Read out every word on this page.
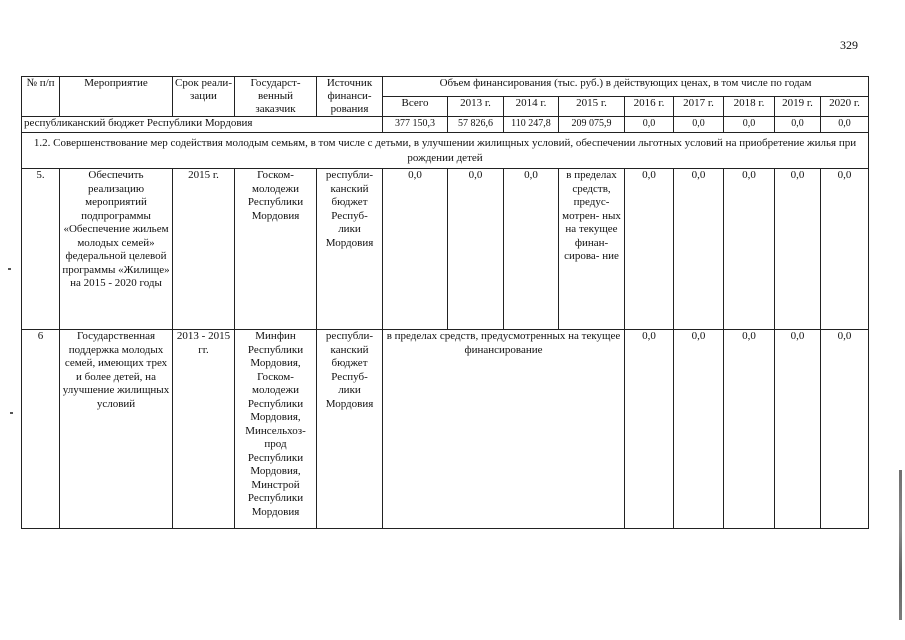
329
№ п/п	Мероприятие	Срок реали- зации	Государст- венный заказчик	Источник финанси- рования	Объем финансирования (тыс. руб.) в действующих ценах, в том числе по годам								
					Всего	2013 г.	2014 г.	2015 г.	2016 г.	2017 г.	2018 г.	2019 г.	2020 г.
республиканский бюджет Республики Мордовия					377 150,3	57 826,6	110 247,8	209 075,9	0,0	0,0	0,0	0,0	0,0
1.2. Совершенствование мер содействия молодым семьям, в том числе с детьми, в улучшении жилищных условий, обеспечении льготных условий на приобретение жилья при рождении детей													
5.	Обеспечить реализацию мероприятий подпрограммы «Обеспечение жильем молодых семей» федеральной целевой программы «Жилище» на 2015 - 2020 годы	2015 г.	Госком- молодежи Республики Мордовия	республи- канский бюджет Респуб- лики Мордовия	0,0	0,0	0,0	в пределах средств, предус- мотрен- ных на текущее финан- сирова- ние	0,0	0,0	0,0	0,0	0,0
6	Государственная поддержка молодых семей, имеющих трех и более детей, на улучшение жилищных условий	2013 - 2015 гг.	Минфин Республики Мордовия, Госком- молодежи Республики Мордовия, Минсельхоз- прод Республики Мордовия, Минстрой Республики Мордовия	республи- канский бюджет Респуб- лики Мордовия	в пределах средств, предусмотренных на текущее финансирование				0,0	0,0	0,0	0,0	0,0
